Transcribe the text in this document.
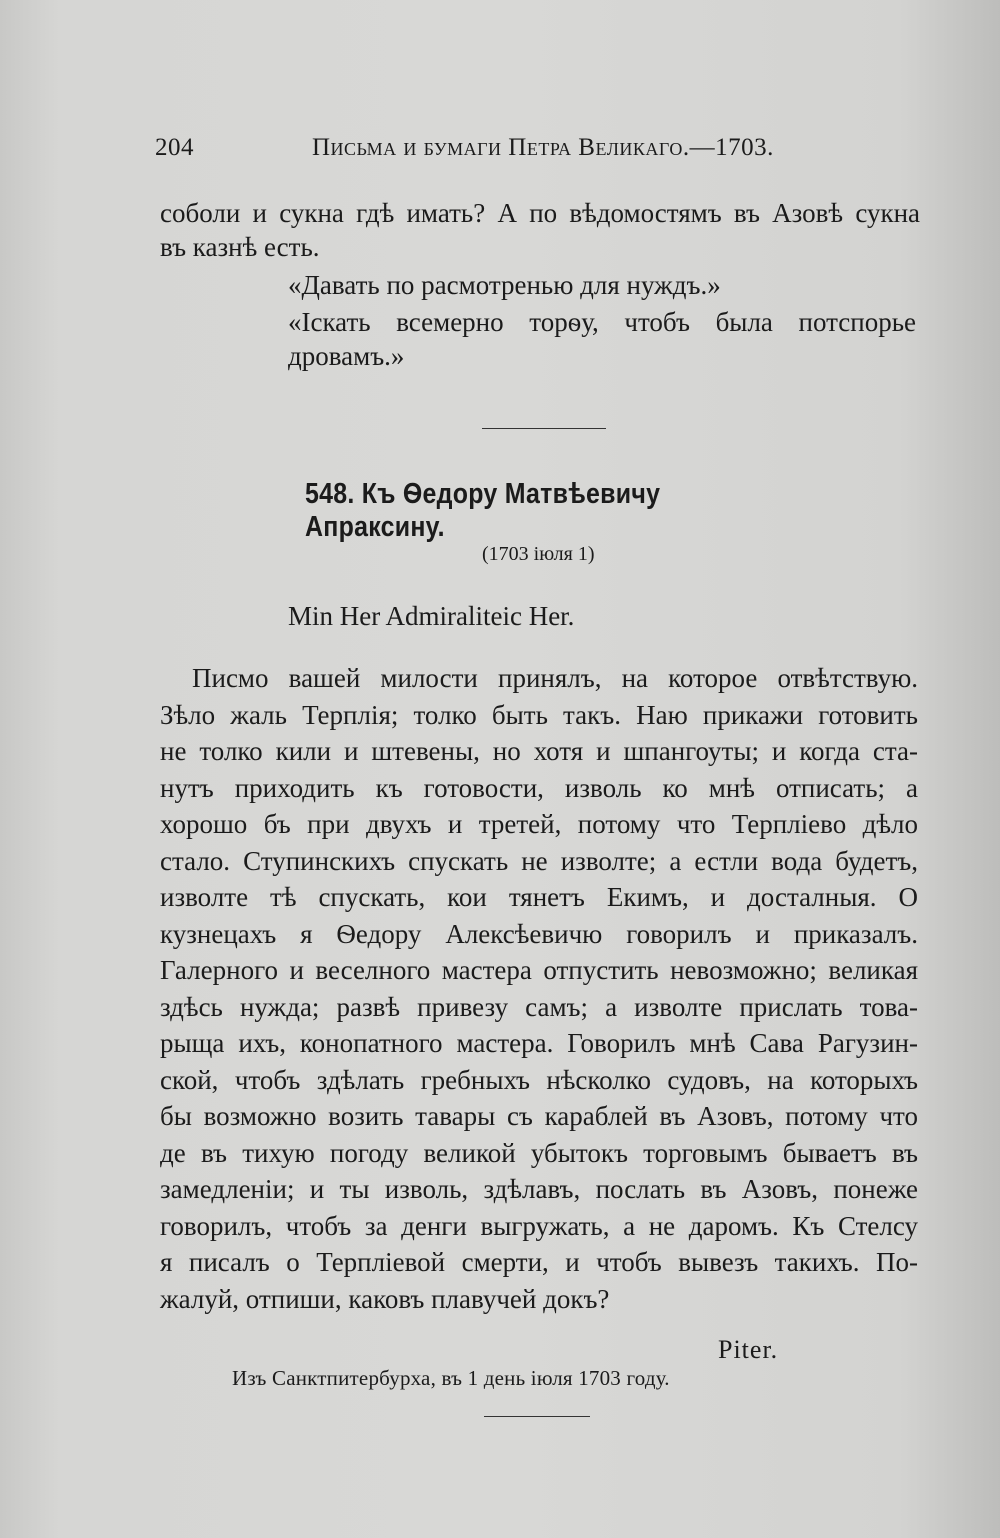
204	Письма и бумаги Петра Великаго.—1703.
соболи и сукна гдѣ имать? А по вѣдомостямъ въ Азовѣ сукна
въ казнѣ есть.
«Давать по расмотренью для нуждъ.»
«Іскать всемерно торѳу, чтобъ была потспорье
дровамъ.»
548. Къ Ѳедору Матвѣевичу Апраксину.
(1703 іюля 1)
Min Her Admiraliteic Her.
Писмо вашей милости принялъ, на которое отвѣтствую.
Зѣло жаль Терплія; толко быть такъ. Наю прикажи готовить
не толко кили и штевены, но хотя и шпангоуты; и когда ста-
нутъ приходить къ готовости, изволь ко мнѣ отписать; а
хорошо бъ при двухъ и третей, потому что Терпліево дѣло
стало. Ступинскихъ спускать не изволте; а естли вода будетъ,
изволте тѣ спускать, кои тянетъ Екимъ, и досталныя. О
кузнецахъ я Ѳедору Алексѣевичю говорилъ и приказалъ.
Галерного и веселного мастера отпустить невозможно; великая
здѣсь нужда; развѣ привезу самъ; а изволте прислать това-
рыща ихъ, конопатного мастера. Говорилъ мнѣ Сава Рагузин-
ской, чтобъ здѣлать гребныхъ нѣсколко судовъ, на которыхъ
бы возможно возить тавары съ караблей въ Азовъ, потому что
де въ тихую погоду великой убытокъ торговымъ бываетъ въ
замедленіи; и ты изволь, здѣлавъ, послать въ Азовъ, понеже
говорилъ, чтобъ за денги выгружать, а не даромъ. Къ Стелсу
я писалъ о Терпліевой смерти, и чтобъ вывезъ такихъ. По-
жалуй, отпиши, каковъ плавучей докъ?
Piter.
Изъ Санктпитербурха, въ 1 день іюля 1703 году.
